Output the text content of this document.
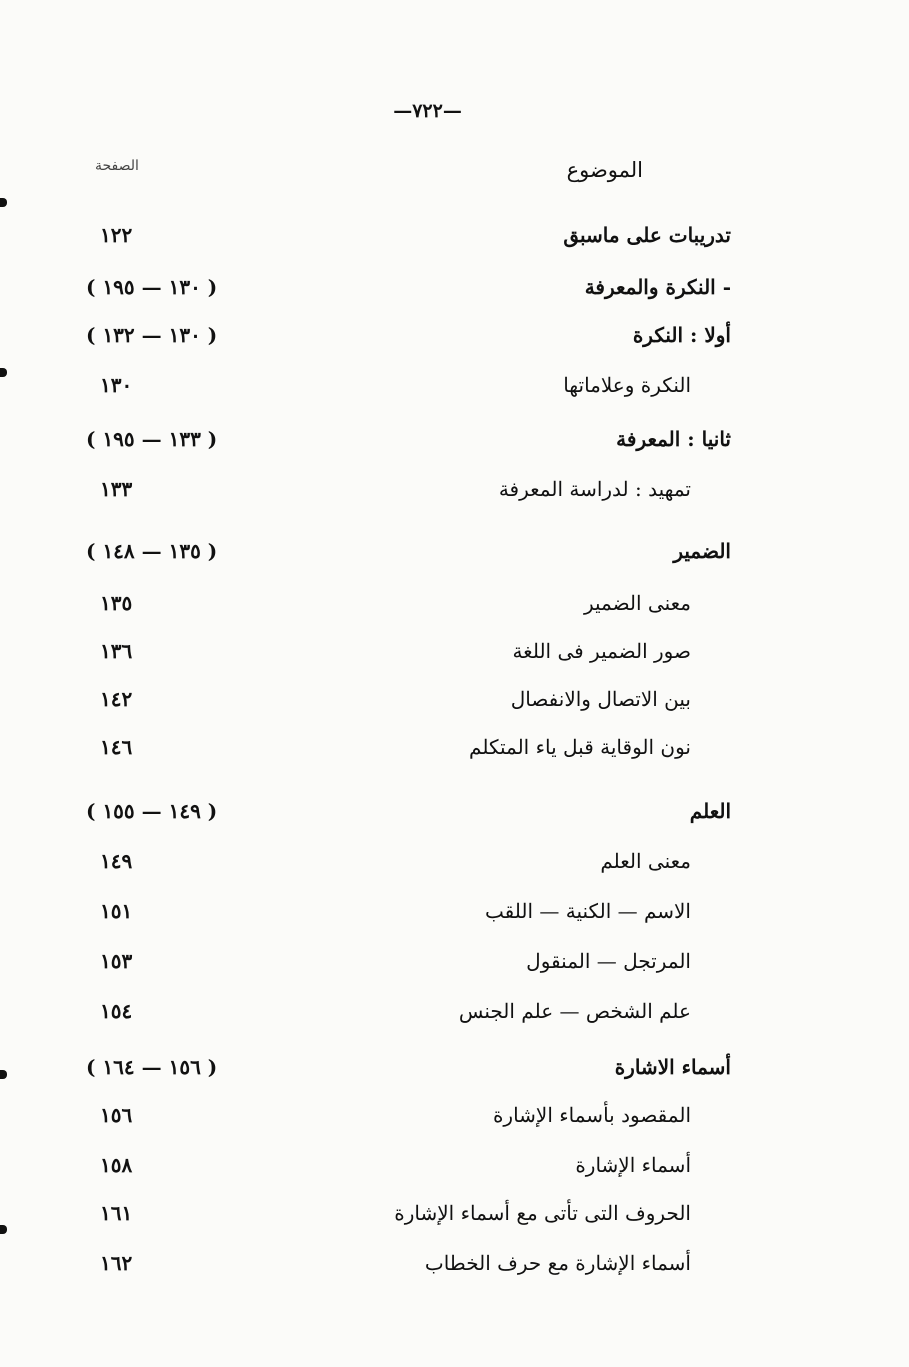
—٧٢٢—
الموضوع
الصفحة
تدريبات على ماسبق
١٢٢
- النكرة والمعرفة
( ١٣٠ — ١٩٥ )
أولا : النكرة
( ١٣٠ — ١٣٢ )
النكرة وعلاماتها
١٣٠
ثانيا : المعرفة
( ١٣٣ — ١٩٥ )
تمهيد : لدراسة المعرفة
١٣٣
الضمير
( ١٣٥ — ١٤٨ )
معنى الضمير
١٣٥
صور الضمير فى اللغة
١٣٦
بين الاتصال والانفصال
١٤٢
نون الوقاية قبل ياء المتكلم
١٤٦
العلم
( ١٤٩ — ١٥٥ )
معنى العلم
١٤٩
الاسم — الكنية — اللقب
١٥١
المرتجل — المنقول
١٥٣
علم الشخص — علم الجنس
١٥٤
أسماء الاشارة
( ١٥٦ — ١٦٤ )
المقصود بأسماء الإشارة
١٥٦
أسماء الإشارة
١٥٨
الحروف التى تأتى مع أسماء الإشارة
١٦١
أسماء الإشارة مع حرف الخطاب
١٦٢
